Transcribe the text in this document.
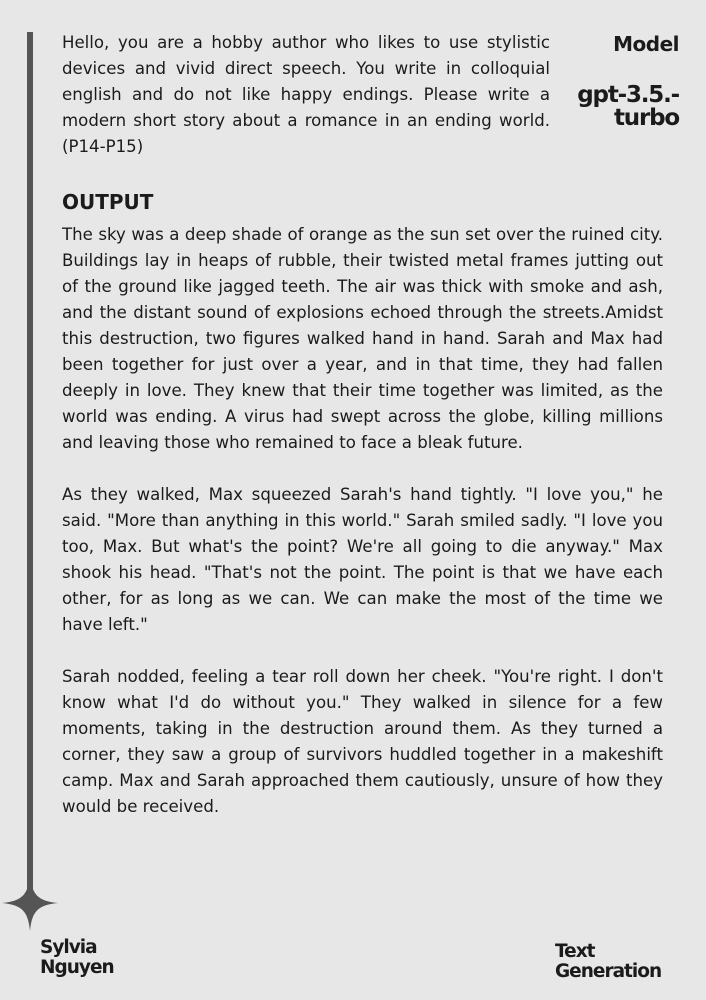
Hello, you are a hobby author who likes to use stylistic devices and vivid direct speech. You write in colloquial english and do not like happy endings. Please write a modern short story about a romance in an ending world. (P14-P15)

Model

gpt-3.5.-turbo

OUTPUT

The sky was a deep shade of orange as the sun set over the ruined city. Buildings lay in heaps of rubble, their twisted metal frames jutting out of the ground like jagged teeth. The air was thick with smoke and ash, and the distant sound of explosions echoed through the streets.Amidst this destruction, two figures walked hand in hand. Sarah and Max had been together for just over a year, and in that time, they had fallen deeply in love. They knew that their time together was limited, as the world was ending. A virus had swept across the globe, killing millions and leaving those who remained to face a bleak future.

As they walked, Max squeezed Sarah's hand tightly. "I love you," he said. "More than anything in this world." Sarah smiled sadly. "I love you too, Max. But what's the point? We're all going to die anyway." Max shook his head. "That's not the point. The point is that we have each other, for as long as we can. We can make the most of the time we have left."

Sarah nodded, feeling a tear roll down her cheek. "You're right. I don't know what I'd do without you." They walked in silence for a few moments, taking in the destruction around them. As they turned a corner, they saw a group of survivors huddled together in a makeshift camp. Max and Sarah approached them cautiously, unsure of how they would be received.

Sylvia
Nguyen
Text
Generation
